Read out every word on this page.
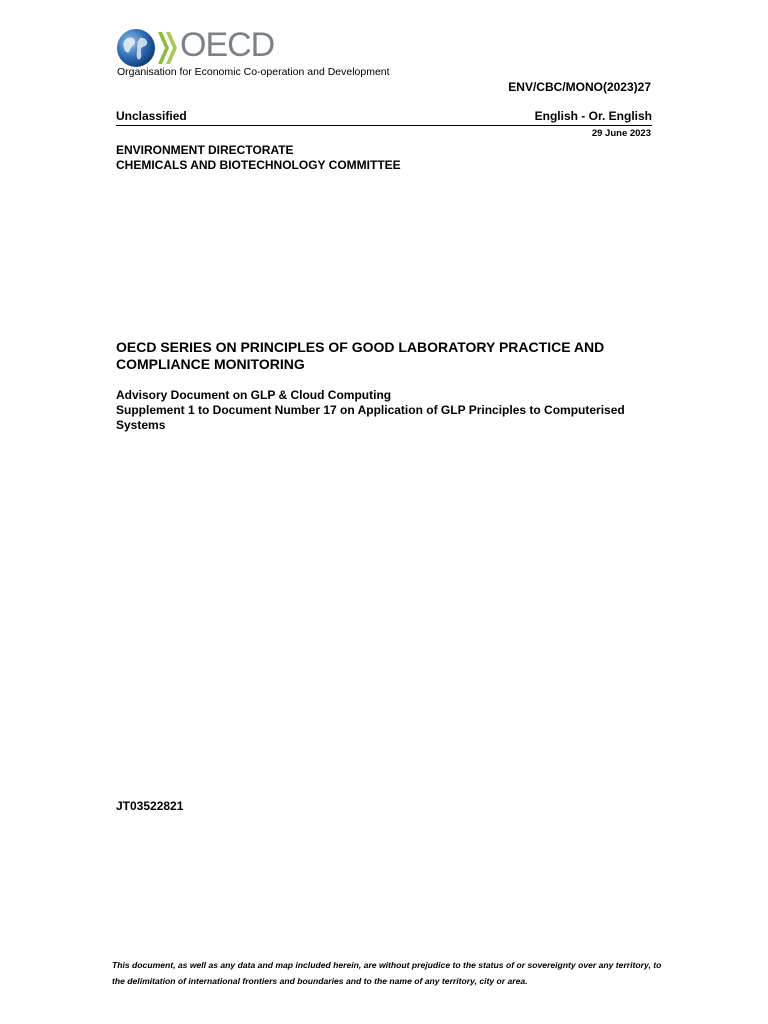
OECD
Organisation for Economic Co-operation and Development
ENV/CBC/MONO(2023)27
Unclassified	English - Or. English
29 June 2023
ENVIRONMENT DIRECTORATE
CHEMICALS AND BIOTECHNOLOGY COMMITTEE
OECD SERIES ON PRINCIPLES OF GOOD LABORATORY PRACTICE AND COMPLIANCE MONITORING
Advisory Document on GLP & Cloud Computing
Supplement 1 to Document Number 17 on Application of GLP Principles to Computerised Systems
JT03522821
This document, as well as any data and map included herein, are without prejudice to the status of or sovereignty over any territory, to the delimitation of international frontiers and boundaries and to the name of any territory, city or area.
